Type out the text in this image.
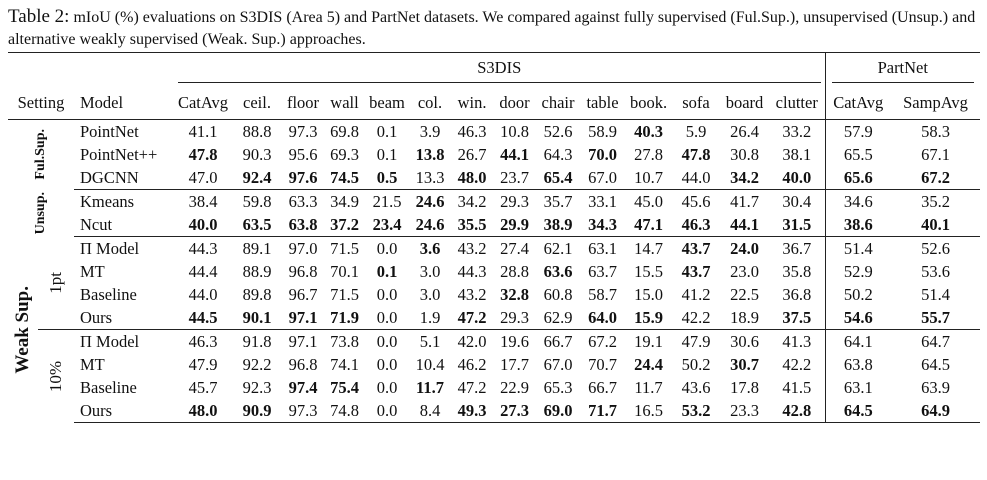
Table 2: mIoU (%) evaluations on S3DIS (Area 5) and PartNet datasets. We compared against fully supervised (Ful.Sup.), unsupervised (Unsup.) and alternative weakly supervised (Weak. Sup.) approaches.

			S3DIS														PartNet	

Setting		Model	CatAvg	ceil.	floor	wall	beam	col.	win.	door	chair	table	book.	sofa	board	clutter	CatAvg	SampAvg
Ful.Sup.		PointNet	41.1	88.8	97.3	69.8	0.1	3.9	46.3	10.8	52.6	58.9	40.3	5.9	26.4	33.2	57.9	58.3
		PointNet++	47.8	90.3	95.6	69.3	0.1	13.8	26.7	44.1	64.3	70.0	27.8	47.8	30.8	38.1	65.5	67.1
		DGCNN	47.0	92.4	97.6	74.5	0.5	13.3	48.0	23.7	65.4	67.0	10.7	44.0	34.2	40.0	65.6	67.2
Unsup.		Kmeans	38.4	59.8	63.3	34.9	21.5	24.6	34.2	29.3	35.7	33.1	45.0	45.6	41.7	30.4	34.6	35.2
		Ncut	40.0	63.5	63.8	37.2	23.4	24.6	35.5	29.9	38.9	34.3	47.1	46.3	44.1	31.5	38.6	40.1
Weak Sup.	1pt	Π Model	44.3	89.1	97.0	71.5	0.0	3.6	43.2	27.4	62.1	63.1	14.7	43.7	24.0	36.7	51.4	52.6
		MT	44.4	88.9	96.8	70.1	0.1	3.0	44.3	28.8	63.6	63.7	15.5	43.7	23.0	35.8	52.9	53.6
		Baseline	44.0	89.8	96.7	71.5	0.0	3.0	43.2	32.8	60.8	58.7	15.0	41.2	22.5	36.8	50.2	51.4
		Ours	44.5	90.1	97.1	71.9	0.0	1.9	47.2	29.3	62.9	64.0	15.9	42.2	18.9	37.5	54.6	55.7
	10%	Π Model	46.3	91.8	97.1	73.8	0.0	5.1	42.0	19.6	66.7	67.2	19.1	47.9	30.6	41.3	64.1	64.7
		MT	47.9	92.2	96.8	74.1	0.0	10.4	46.2	17.7	67.0	70.7	24.4	50.2	30.7	42.2	63.8	64.5
		Baseline	45.7	92.3	97.4	75.4	0.0	11.7	47.2	22.9	65.3	66.7	11.7	43.6	17.8	41.5	63.1	63.9
		Ours	48.0	90.9	97.3	74.8	0.0	8.4	49.3	27.3	69.0	71.7	16.5	53.2	23.3	42.8	64.5	64.9
